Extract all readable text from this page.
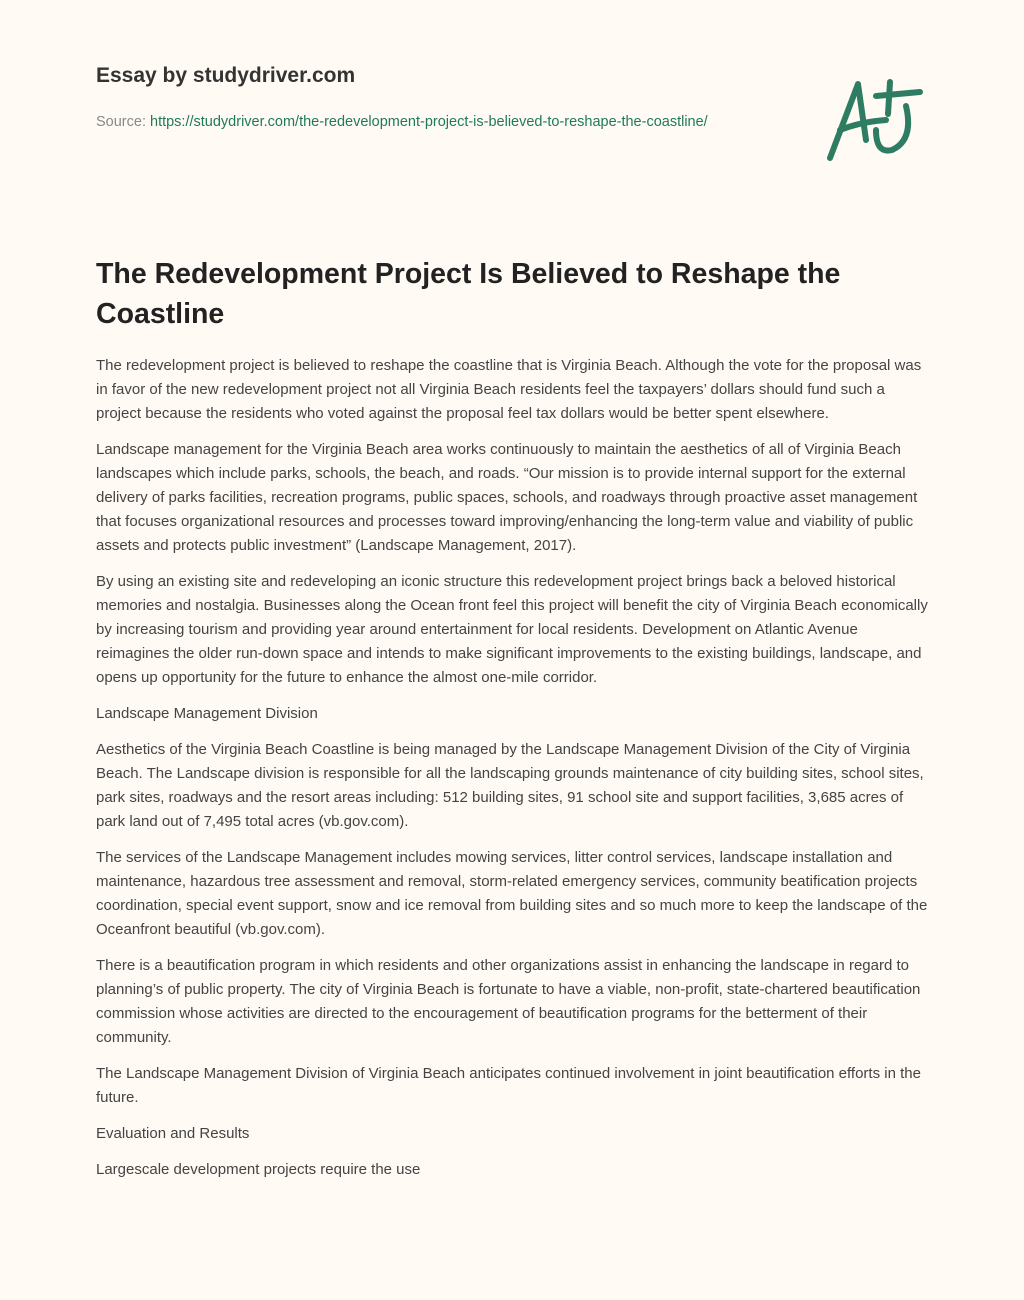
Essay by studydriver.com
Source: https://studydriver.com/the-redevelopment-project-is-believed-to-reshape-the-coastline/
The Redevelopment Project Is Believed to Reshape the Coastline

The redevelopment project is believed to reshape the coastline that is Virginia Beach. Although the vote for the proposal was in favor of the new redevelopment project not all Virginia Beach residents feel the taxpayers’ dollars should fund such a project because the residents who voted against the proposal feel tax dollars would be better spent elsewhere.

Landscape management for the Virginia Beach area works continuously to maintain the aesthetics of all of Virginia Beach landscapes which include parks, schools, the beach, and roads. “Our mission is to provide internal support for the external delivery of parks facilities, recreation programs, public spaces, schools, and roadways through proactive asset management that focuses organizational resources and processes toward improving/enhancing the long-term value and viability of public assets and protects public investment” (Landscape Management, 2017).

By using an existing site and redeveloping an iconic structure this redevelopment project brings back a beloved historical memories and nostalgia. Businesses along the Ocean front feel this project will benefit the city of Virginia Beach economically by increasing tourism and providing year around entertainment for local residents. Development on Atlantic Avenue reimagines the older run-down space and intends to make significant improvements to the existing buildings, landscape, and opens up opportunity for the future to enhance the almost one-mile corridor.

Landscape Management Division

Aesthetics of the Virginia Beach Coastline is being managed by the Landscape Management Division of the City of Virginia Beach. The Landscape division is responsible for all the landscaping grounds maintenance of city building sites, school sites, park sites, roadways and the resort areas including: 512 building sites, 91 school site and support facilities, 3,685 acres of park land out of 7,495 total acres (vb.gov.com).

The services of the Landscape Management includes mowing services, litter control services, landscape installation and maintenance, hazardous tree assessment and removal, storm-related emergency services, community beatification projects coordination, special event support, snow and ice removal from building sites and so much more to keep the landscape of the Oceanfront beautiful (vb.gov.com).

There is a beautification program in which residents and other organizations assist in enhancing the landscape in regard to planning’s of public property. The city of Virginia Beach is fortunate to have a viable, non-profit, state-chartered beautification commission whose activities are directed to the encouragement of beautification programs for the betterment of their community.

The Landscape Management Division of Virginia Beach anticipates continued involvement in joint beautification efforts in the future.

Evaluation and Results

Largescale development projects require the use
